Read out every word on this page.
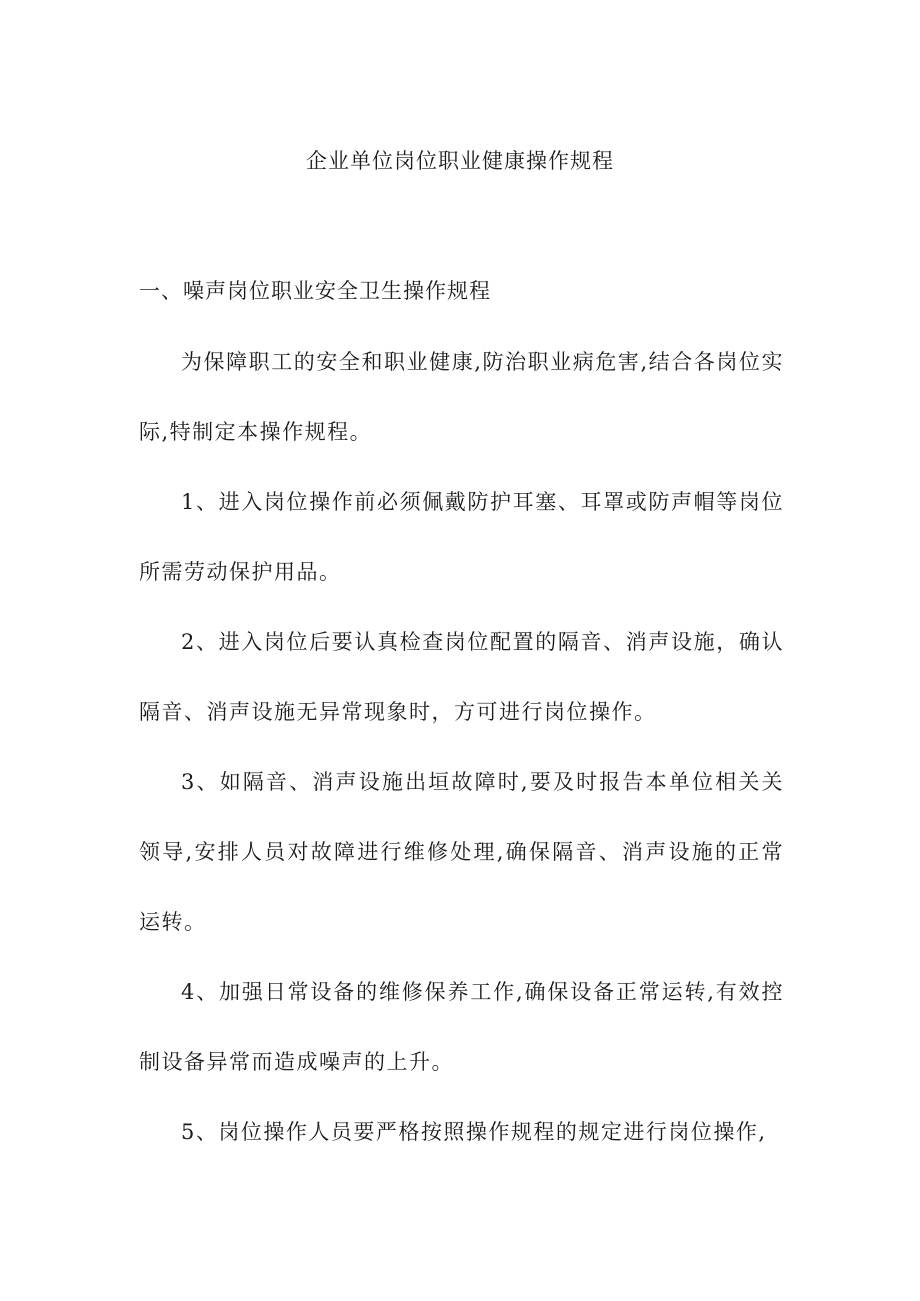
企业单位岗位职业健康操作规程
一、噪声岗位职业安全卫生操作规程

为保障职工的安全和职业健康,防治职业病危害,结合各岗位实际,特制定本操作规程。

1、进入岗位操作前必须佩戴防护耳塞、耳罩或防声帽等岗位所需劳动保护用品。

2、进入岗位后要认真检查岗位配置的隔音、消声设施，确认隔音、消声设施无异常现象时，方可进行岗位操作。

3、如隔音、消声设施出垣故障时,要及时报告本单位相关关领导,安排人员对故障进行维修处理,确保隔音、消声设施的正常运转。

4、加强日常设备的维修保养工作,确保设备正常运转,有效控制设备异常而造成噪声的上升。

5、岗位操作人员要严格按照操作规程的规定进行岗位操作,
